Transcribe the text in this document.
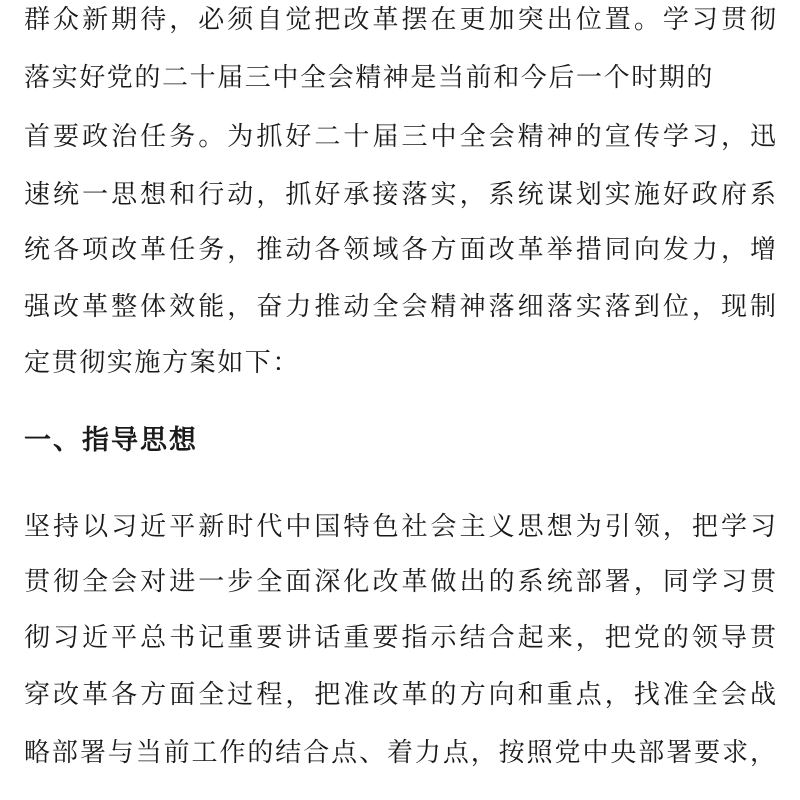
群众新期待，必须自觉把改革摆在更加突出位置。学习贯彻

落实好党的二十届三中全会精神是当前和今后一个时期的

首要政治任务。为抓好二十届三中全会精神的宣传学习，迅

速统一思想和行动，抓好承接落实，系统谋划实施好政府系

统各项改革任务，推动各领域各方面改革举措同向发力，增

强改革整体效能，奋力推动全会精神落细落实落到位，现制

定贯彻实施方案如下：

一、指导思想

坚持以习近平新时代中国特色社会主义思想为引领，把学习

贯彻全会对进一步全面深化改革做出的系统部署，同学习贯

彻习近平总书记重要讲话重要指示结合起来，把党的领导贯

穿改革各方面全过程，把准改革的方向和重点，找准全会战

略部署与当前工作的结合点、着力点，按照党中央部署要求，
